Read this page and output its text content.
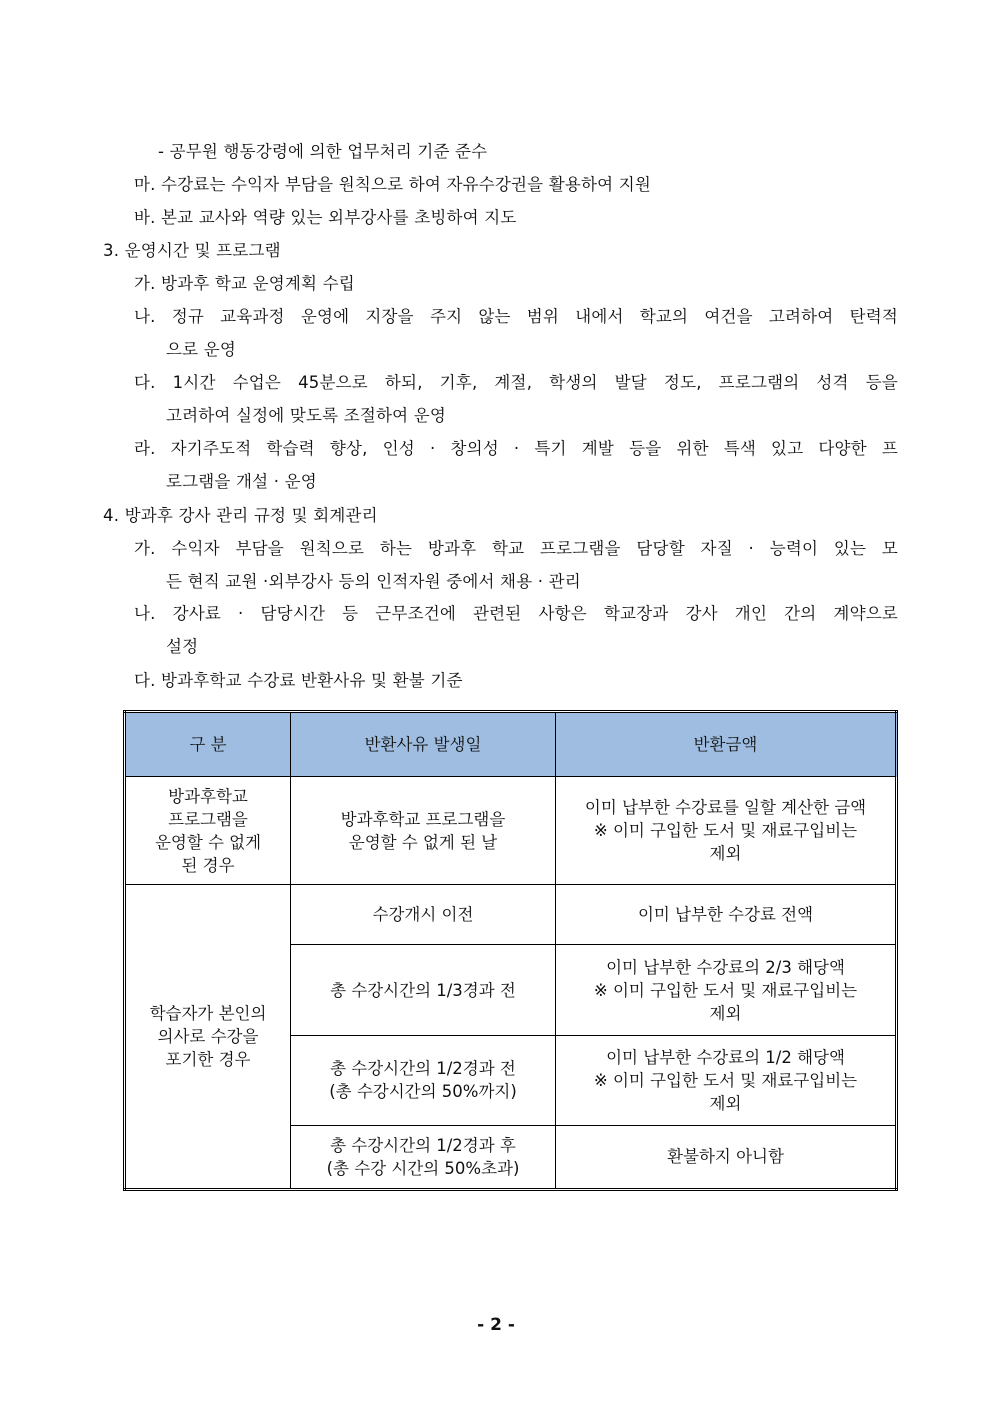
- 공무원 행동강령에 의한 업무처리 기준 준수
마. 수강료는 수익자 부담을 원칙으로 하여 자유수강권을 활용하여 지원
바. 본교 교사와 역량 있는 외부강사를 초빙하여 지도
3. 운영시간 및 프로그램
가. 방과후 학교 운영계획 수립
나. 정규 교육과정 운영에 지장을 주지 않는 범위 내에서 학교의 여건을 고려하여 탄력적
으로 운영
다. 1시간 수업은 45분으로 하되, 기후, 계절, 학생의 발달 정도, 프로그램의 성격 등을
고려하여 실정에 맞도록 조절하여 운영
라. 자기주도적 학습력 향상, 인성 · 창의성 · 특기 계발 등을 위한 특색 있고 다양한 프
로그램을 개설 · 운영
4. 방과후 강사 관리 규정 및 회계관리
가. 수익자 부담을 원칙으로 하는 방과후 학교 프로그램을 담당할 자질 · 능력이 있는 모
든 현직 교원 ·외부강사 등의 인적자원 중에서 채용 · 관리
나. 강사료 · 담당시간 등 근무조건에 관련된 사항은 학교장과 강사 개인 간의 계약으로
설정
다. 방과후학교 수강료 반환사유 및 환불 기준
구 분	반환사유 발생일	반환금액
방과후학교
프로그램을
운영할 수 없게
된 경우	방과후학교 프로그램을
운영할 수 없게 된 날	이미 납부한 수강료를 일할 계산한 금액
※ 이미 구입한 도서 및 재료구입비는
제외
학습자가 본인의
의사로 수강을
포기한 경우	수강개시 이전	이미 납부한 수강료 전액
	총 수강시간의 1/3경과 전	이미 납부한 수강료의 2/3 해당액
※ 이미 구입한 도서 및 재료구입비는
제외
	총 수강시간의 1/2경과 전
(총 수강시간의 50%까지)	이미 납부한 수강료의 1/2 해당액
※ 이미 구입한 도서 및 재료구입비는
제외
	총 수강시간의 1/2경과 후
(총 수강 시간의 50%초과)	환불하지 아니함
- 2 -
